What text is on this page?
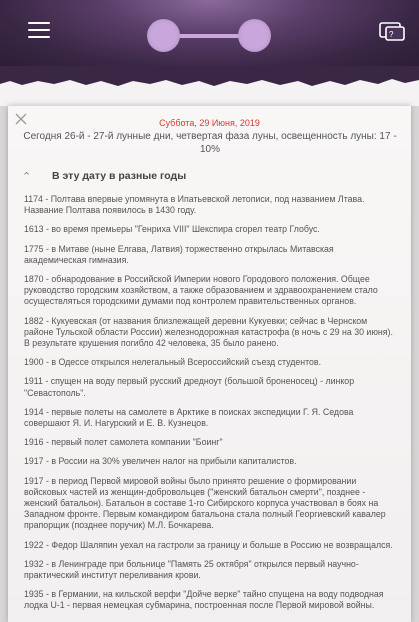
?
Суббота, 29 Июня, 2019
Сегодня 26-й - 27-й лунные дни, четвертая фаза луны, освещенность луны: 17 - 10%
⌃ В эту дату в разные годы
1174 - Полтава впервые упомянута в Ипатьевской летописи, под названием Лтава. Название Полтава появилось в 1430 году.
1613 - во время премьеры "Генриха VIII" Шекспира сгорел театр Глобус.
1775 - в Митаве (ныне Елгава, Латвия) торжественно открылась Митавская академическая гимназия.
1870 - обнародование в Российской Империи нового Городового положения. Общее руководство городским хозяйством, а также образованием и здравоохранением стало осуществляться городскими думами под контролем правительственных органов.
1882 - Кукуевская (от названия близлежащей деревни Кукуевки; сейчас в Чернском районе Тульской области России) железнодорожная катастрофа (в ночь с 29 на 30 июня). В результате крушения погибло 42 человека, 35 было ранено.
1900 - в Одессе открылся нелегальный Всероссийский съезд студентов.
1911 - спущен на воду первый русский дредноут (большой броненосец) - линкор "Севастополь".
1914 - первые полеты на самолете в Арктике в поисках экспедиции Г. Я. Седова совершают Я. И. Нагурский и Е. В. Кузнецов.
1916 - первый полет самолета компании "Боинг"
1917 - в России на 30% увеличен налог на прибыли капиталистов.
1917 - в период Первой мировой войны было принято решение о формировании войсковых частей из женщин-добровольцев ("женский батальон смерти", позднее - женский батальон). Батальон в составе 1-го Сибирского корпуса участвовал в боях на Западном фронте. Первым командиром батальона стала полный Георгиевский кавалер прапорщик (позднее поручик) М.Л. Бочкарева.
1922 - Федор Шаляпин уехал на гастроли за границу и больше в Россию не возвращался.
1932 - в Ленинграде при больнице "Память 25 октября" открылся первый научно-практический институт переливания крови.
1935 - в Германии, на кильской верфи "Дойче верке" тайно спущена на воду подводная лодка U-1 - первая немецкая субмарина, построенная после Первой мировой войны.
